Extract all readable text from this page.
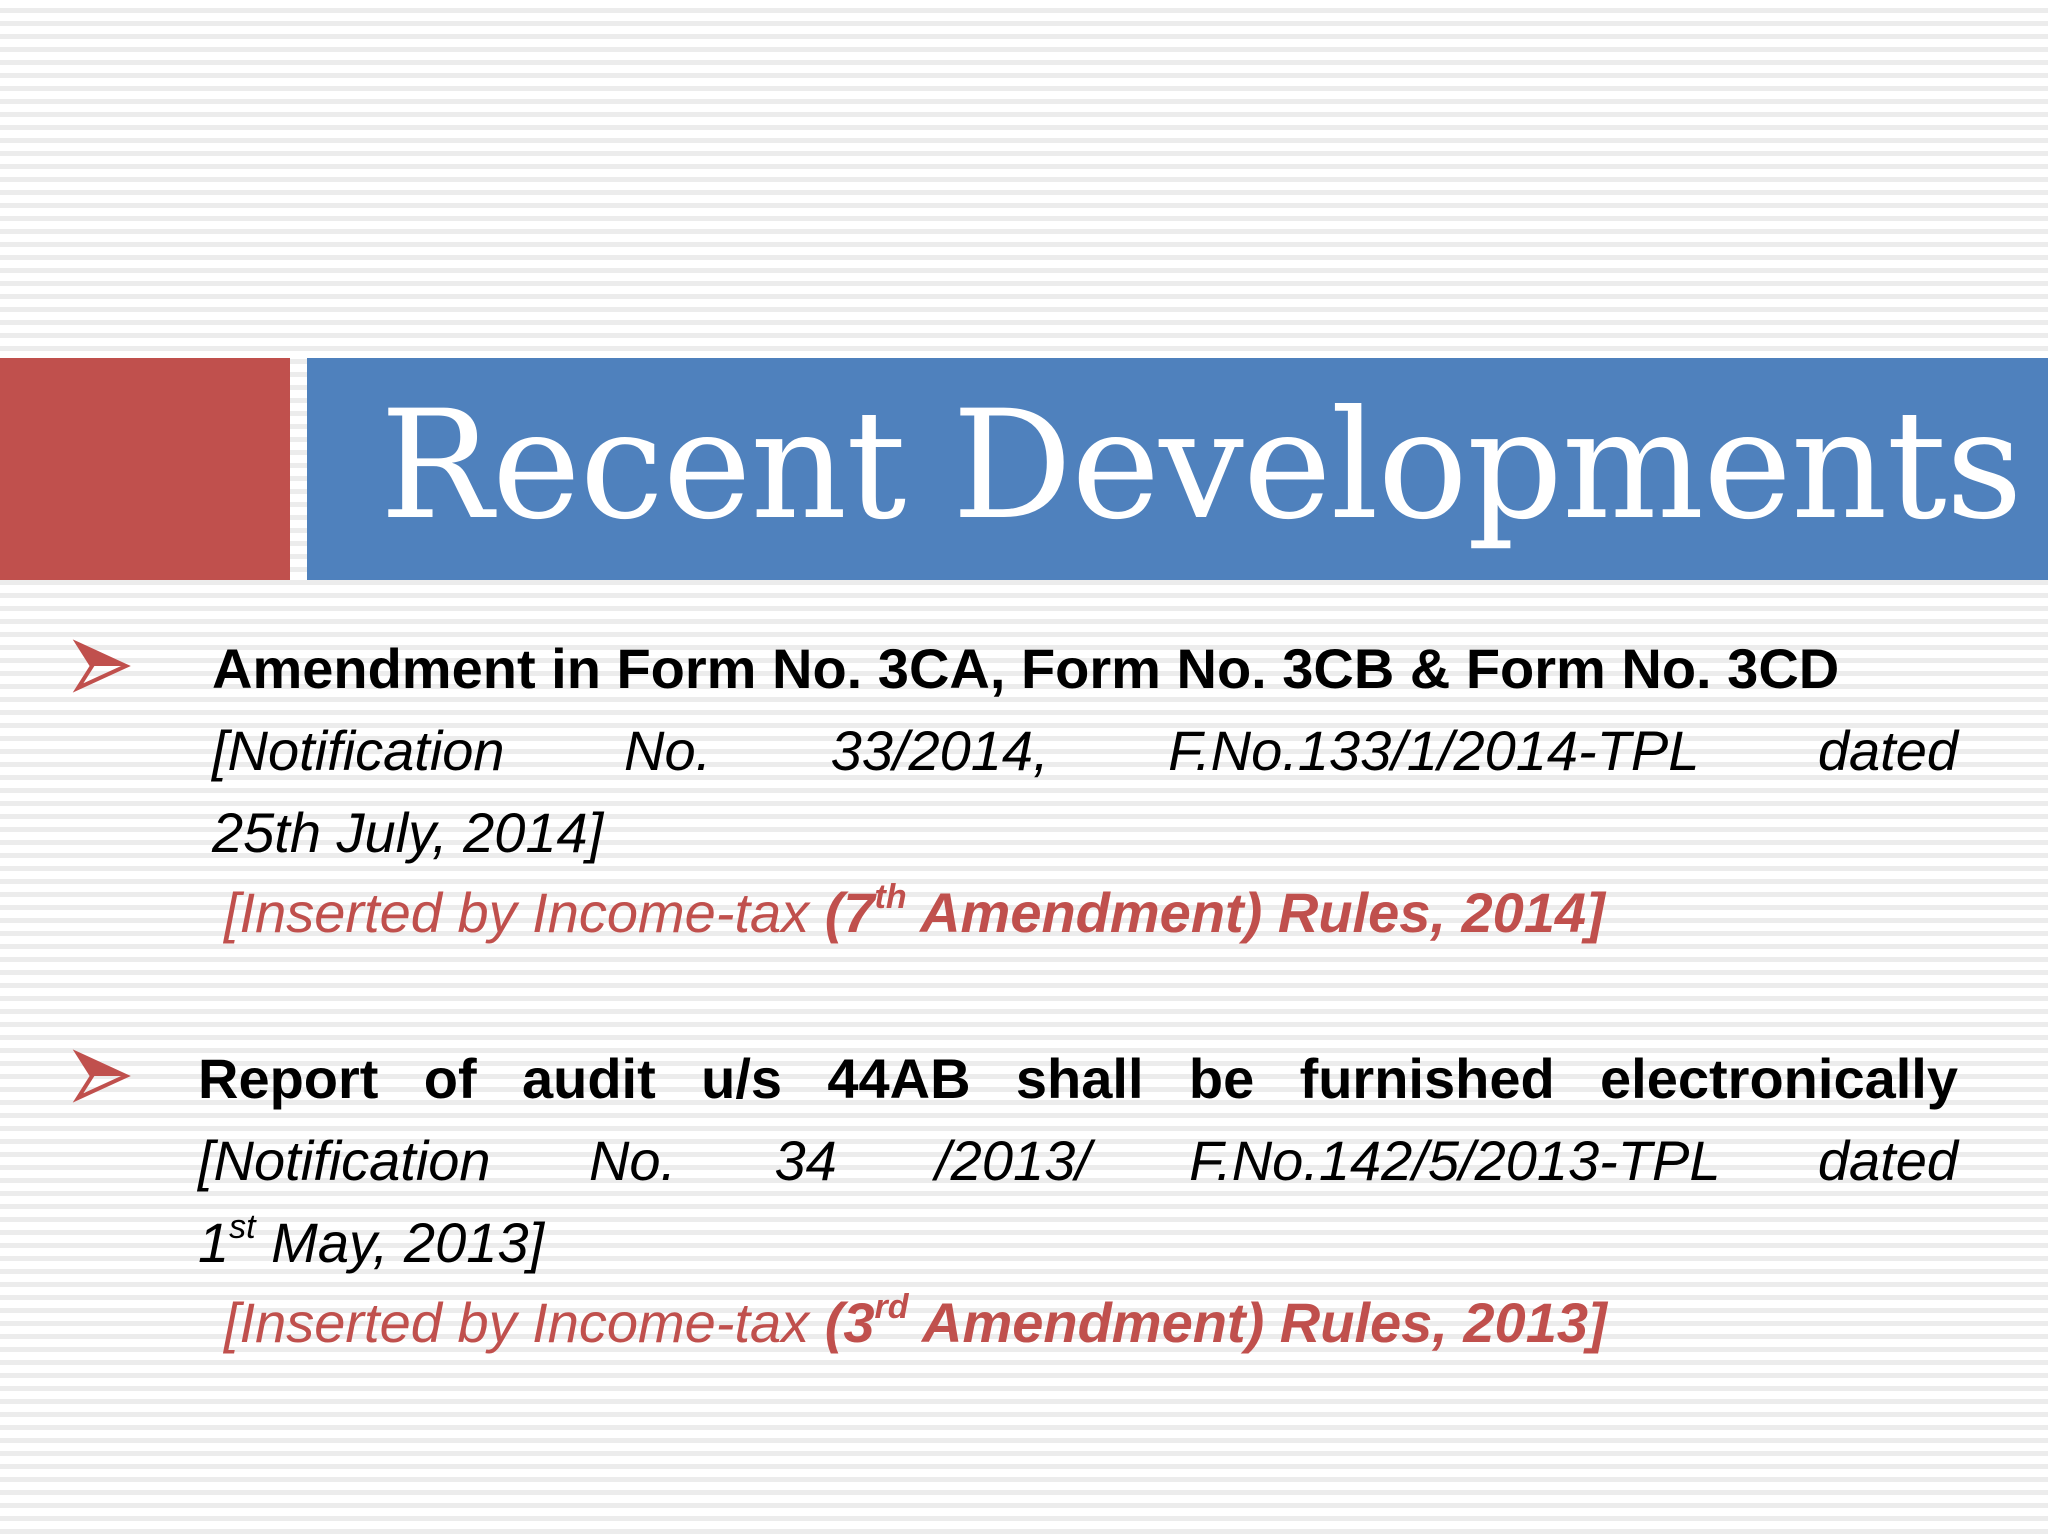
Recent Developments
Amendment in Form No. 3CA, Form No. 3CB & Form No. 3CD
[Notification No. 33/2014, F.No.133/1/2014-TPL dated
25th July, 2014]

[Inserted by Income-tax (7th Amendment) Rules, 2014]

Report of audit u/s 44AB shall be furnished electronically
[Notification No. 34 /2013/ F.No.142/5/2013-TPL dated
1st May, 2013]

[Inserted by Income-tax (3rd Amendment) Rules, 2013]
